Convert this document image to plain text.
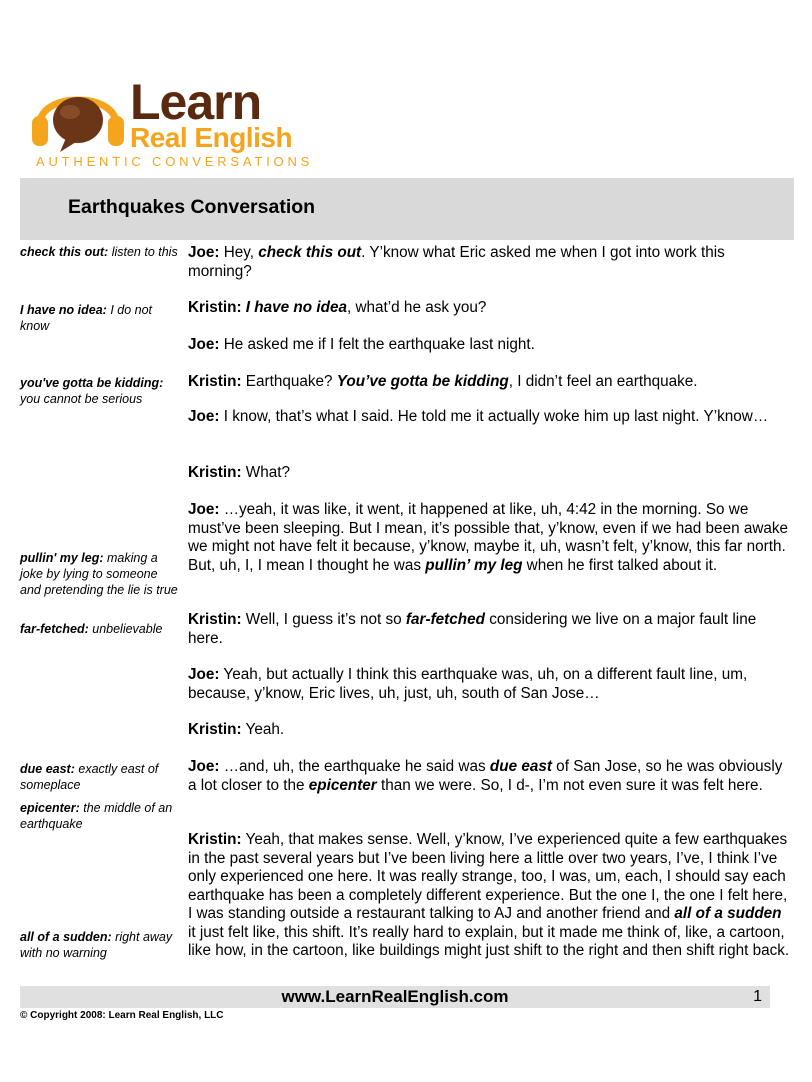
Learn
Real English
AUTHENTIC CONVERSATIONS
Earthquakes Conversation
check this out: listen to this
I have no idea: I do not know
you've gotta be kidding: you cannot be serious
pullin' my leg: making a joke by lying to someone and pretending the lie is true
far-fetched: unbelievable
due east: exactly east of someplace
epicenter: the middle of an earthquake
all of a sudden: right away with no warning
Joe: Hey, check this out. Y’know what Eric asked me when I got into work this morning?
Kristin: I have no idea, what’d he ask you?
Joe: He asked me if I felt the earthquake last night.
Kristin: Earthquake? You’ve gotta be kidding, I didn’t feel an earthquake.
Joe: I know, that’s what I said. He told me it actually woke him up last night. Y’know…
Kristin: What?
Joe: …yeah, it was like, it went, it happened at like, uh, 4:42 in the morning. So we must’ve been sleeping. But I mean, it’s possible that, y’know, even if we had been awake we might not have felt it because, y’know, maybe it, uh, wasn’t felt, y’know, this far north. But, uh, I, I mean I thought he was pullin’ my leg when he first talked about it.
Kristin: Well, I guess it’s not so far-fetched considering we live on a major fault line here.
Joe: Yeah, but actually I think this earthquake was, uh, on a different fault line, um, because, y’know, Eric lives, uh, just, uh, south of San Jose…
Kristin: Yeah.
Joe: …and, uh, the earthquake he said was due east of San Jose, so he was obviously a lot closer to the epicenter than we were. So, I d-, I’m not even sure it was felt here.
Kristin: Yeah, that makes sense. Well, y’know, I’ve experienced quite a few earthquakes in the past several years but I’ve been living here a little over two years, I’ve, I think I’ve only experienced one here. It was really strange, too, I was, um, each, I should say each earthquake has been a completely different experience. But the one I, the one I felt here, I was standing outside a restaurant talking to AJ and another friend and all of a sudden it just felt like, this shift. It’s really hard to explain, but it made me think of, like, a cartoon, like how, in the cartoon, like buildings might just shift to the right and then shift right back.
www.LearnRealEnglish.com	1
© Copyright 2008: Learn Real English, LLC
